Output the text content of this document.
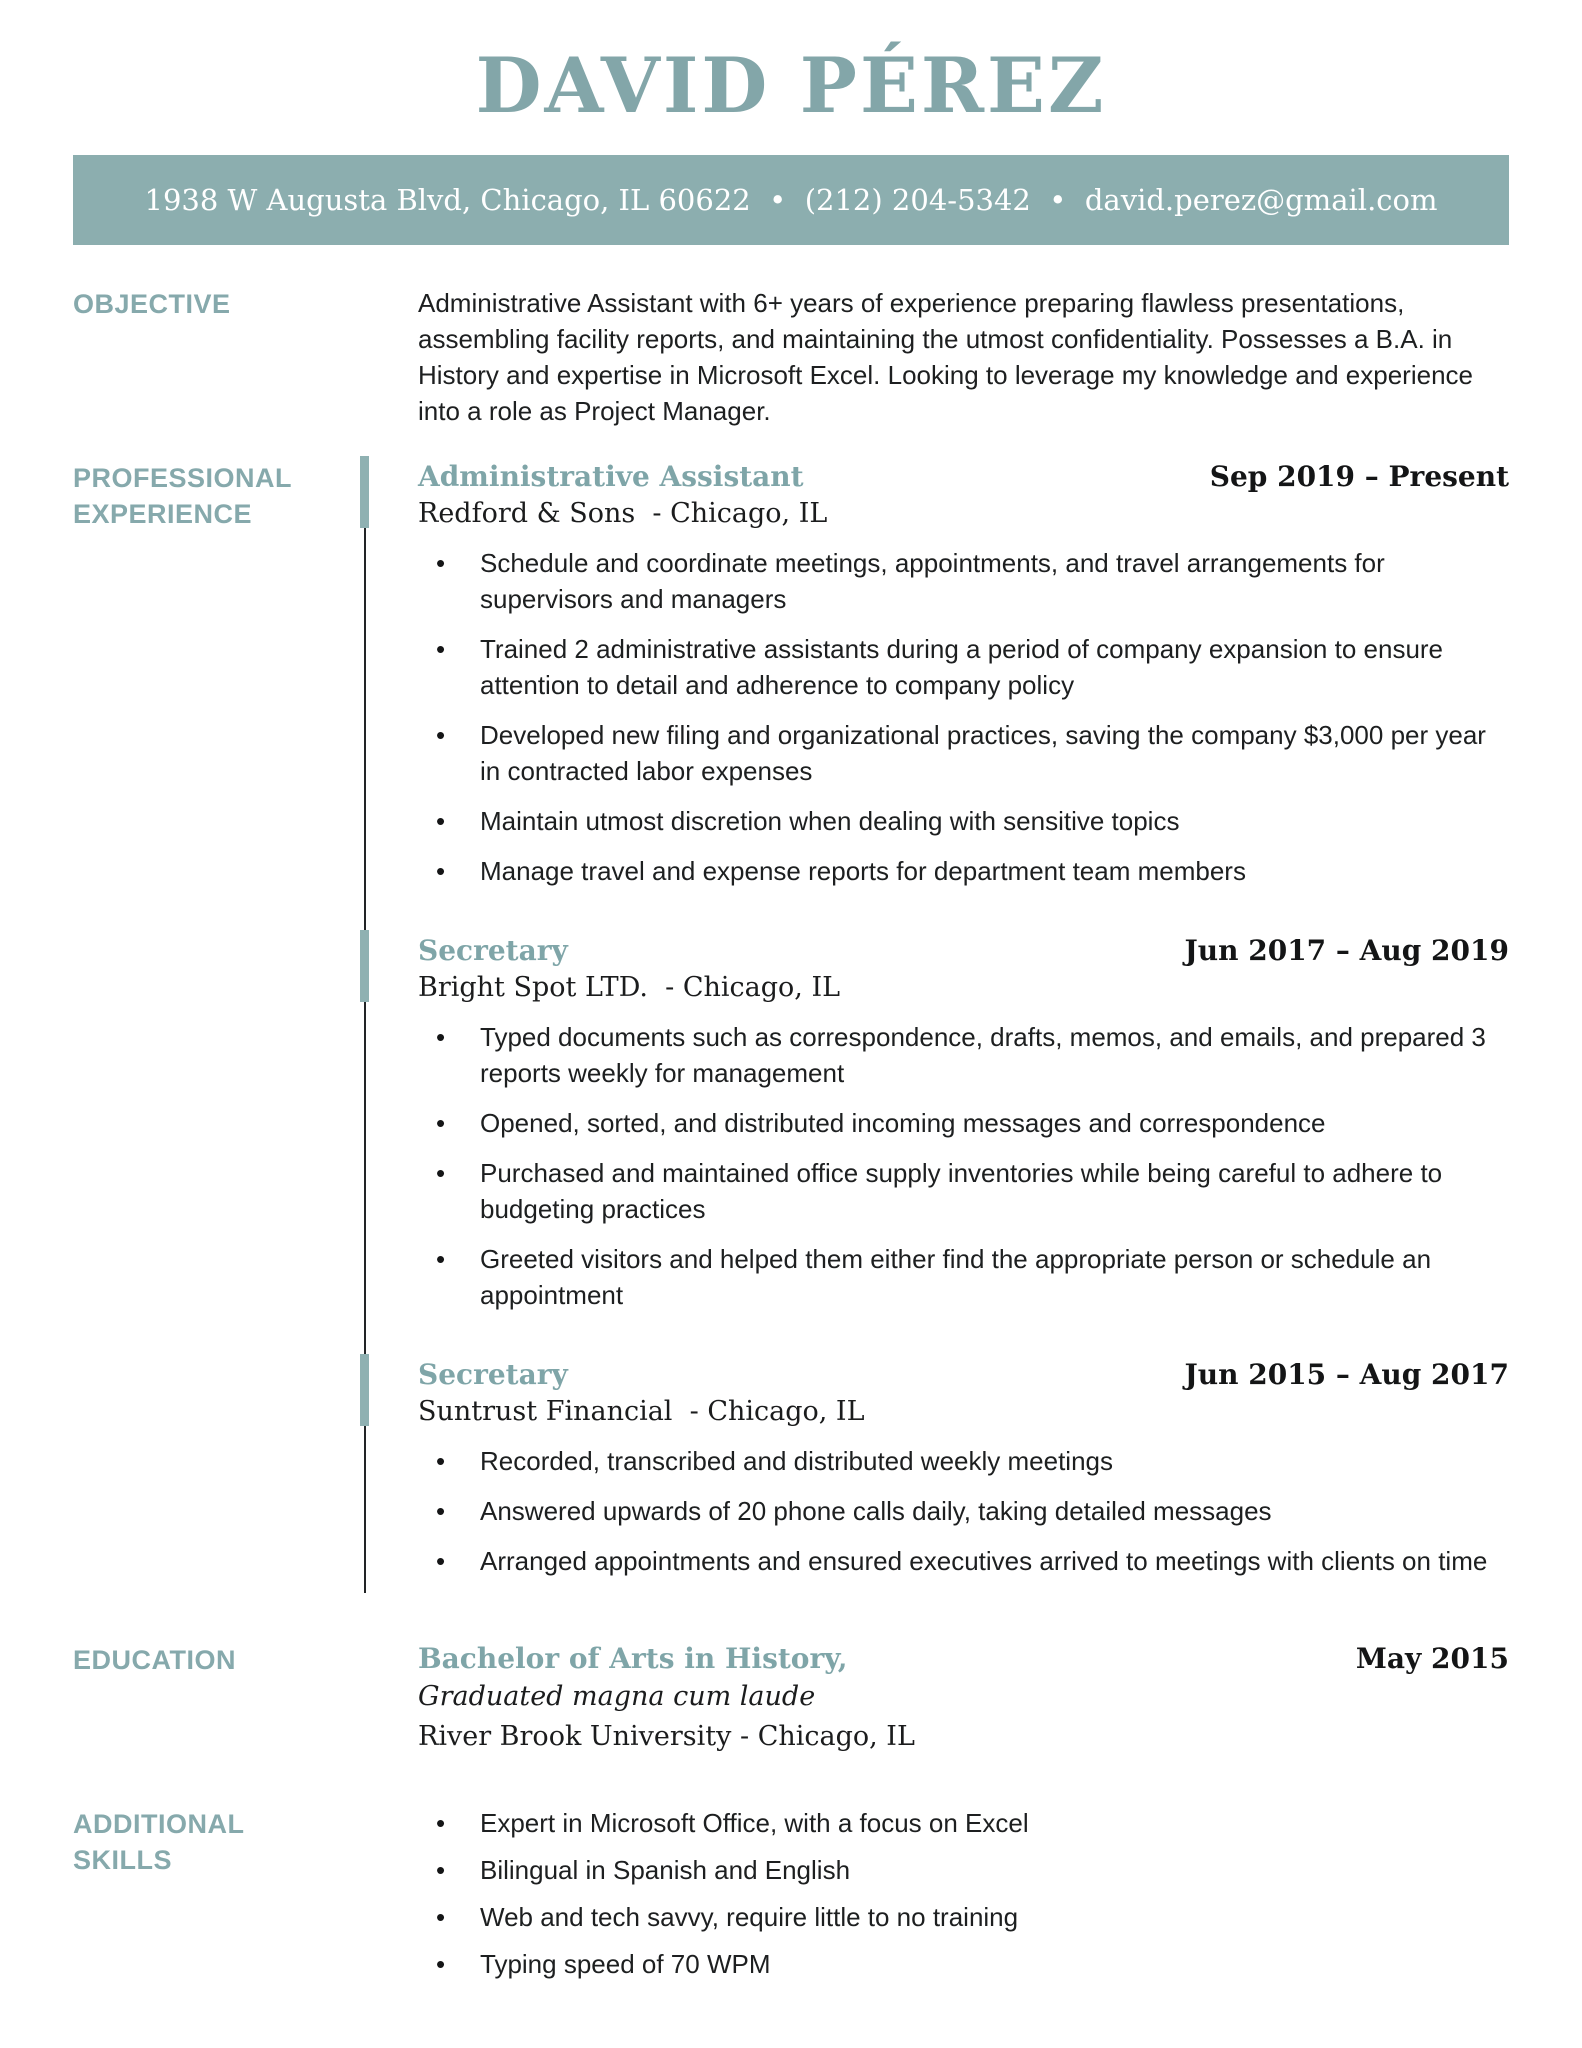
DAVID PÉREZ
1938 W Augusta Blvd, Chicago, IL 60622  •  (212) 204-5342  •  david.perez@gmail.com
OBJECTIVE	Administrative Assistant with 6+ years of experience preparing flawless presentations, assembling facility reports, and maintaining the utmost confidentiality. Possesses a B.A. in History and expertise in Microsoft Excel. Looking to leverage my knowledge and experience into a role as Project Manager.

PROFESSIONAL EXPERIENCE
Administrative Assistant	Sep 2019 – Present
Redford & Sons  - Chicago, IL
• Schedule and coordinate meetings, appointments, and travel arrangements for supervisors and managers
• Trained 2 administrative assistants during a period of company expansion to ensure attention to detail and adherence to company policy
• Developed new filing and organizational practices, saving the company $3,000 per year in contracted labor expenses
• Maintain utmost discretion when dealing with sensitive topics
• Manage travel and expense reports for department team members
Secretary	Jun 2017 – Aug 2019
Bright Spot LTD.  - Chicago, IL
• Typed documents such as correspondence, drafts, memos, and emails, and prepared 3 reports weekly for management
• Opened, sorted, and distributed incoming messages and correspondence
• Purchased and maintained office supply inventories while being careful to adhere to budgeting practices
• Greeted visitors and helped them either find the appropriate person or schedule an appointment
Secretary	Jun 2015 – Aug 2017
Suntrust Financial  - Chicago, IL
• Recorded, transcribed and distributed weekly meetings
• Answered upwards of 20 phone calls daily, taking detailed messages
• Arranged appointments and ensured executives arrived to meetings with clients on time
EDUCATION	Bachelor of Arts in History,	May 2015
Graduated magna cum laude
River Brook University - Chicago, IL
ADDITIONAL SKILLS
• Expert in Microsoft Office, with a focus on Excel
• Bilingual in Spanish and English
• Web and tech savvy, require little to no training
• Typing speed of 70 WPM
